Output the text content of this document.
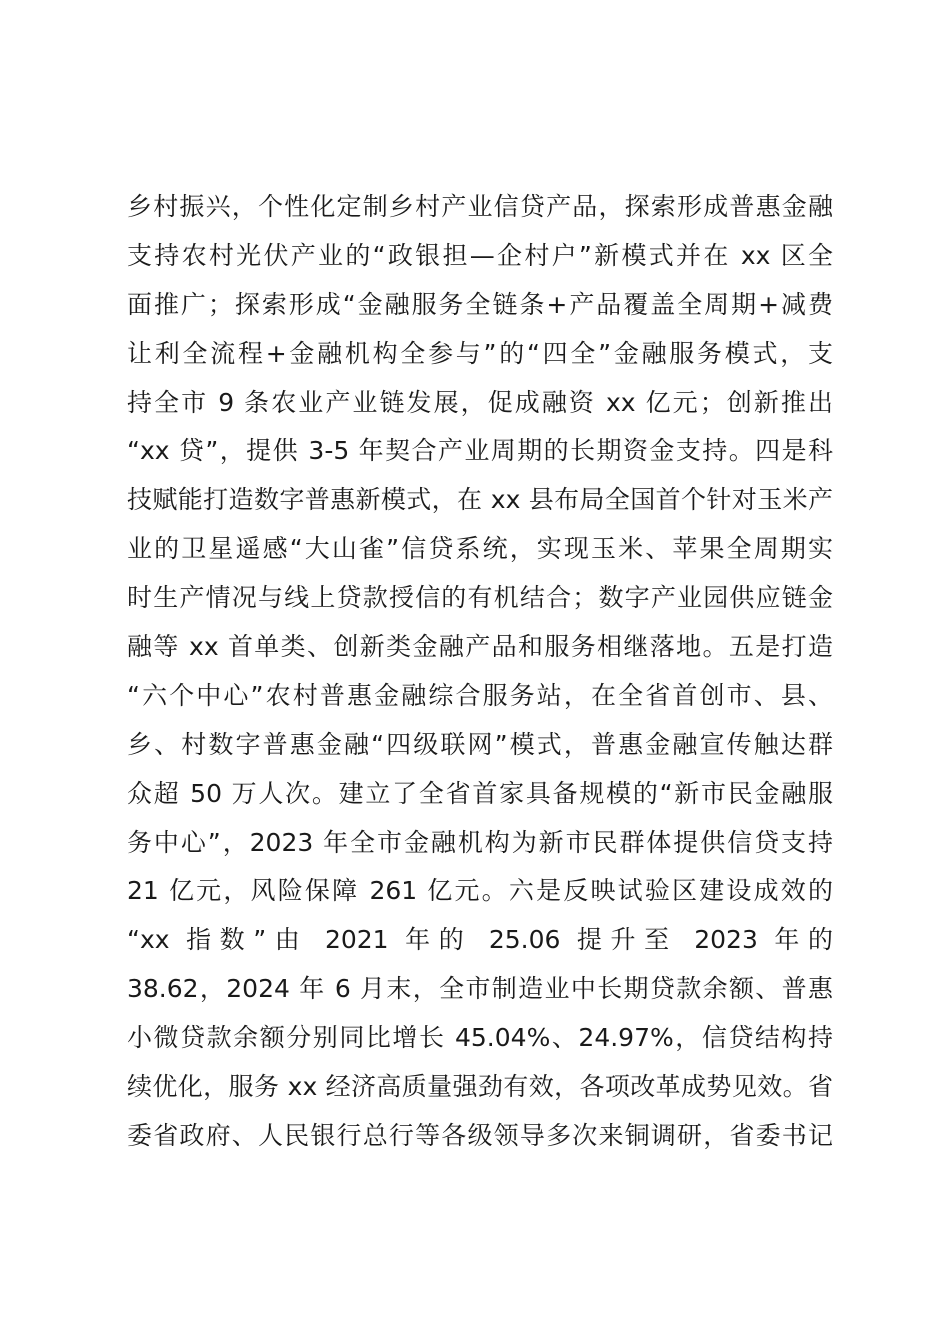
乡村振兴，个性化定制乡村产业信贷产品，探索形成普惠金融
支持农村光伏产业的“政银担—企村户”新模式并在 xx 区全
面推广；探索形成“金融服务全链条+产品覆盖全周期+减费
让利全流程+金融机构全参与”的“四全”金融服务模式，支
持全市 9 条农业产业链发展，促成融资 xx 亿元；创新推出
“xx 贷”，提供 3-5 年契合产业周期的长期资金支持。四是科
技赋能打造数字普惠新模式，在 xx 县布局全国首个针对玉米产
业的卫星遥感“大山雀”信贷系统，实现玉米、苹果全周期实
时生产情况与线上贷款授信的有机结合；数字产业园供应链金
融等 xx 首单类、创新类金融产品和服务相继落地。五是打造
“六个中心”农村普惠金融综合服务站，在全省首创市、县、
乡、村数字普惠金融“四级联网”模式，普惠金融宣传触达群
众超 50 万人次。建立了全省首家具备规模的“新市民金融服
务中心”，2023 年全市金融机构为新市民群体提供信贷支持
21 亿元，风险保障 261 亿元。六是反映试验区建设成效的
“xx 指数”由 2021 年的 25.06 提升至 2023 年的
38.62，2024 年 6 月末，全市制造业中长期贷款余额、普惠
小微贷款余额分别同比增长 45.04%、24.97%，信贷结构持
续优化，服务 xx 经济高质量强劲有效，各项改革成势见效。省
委省政府、人民银行总行等各级领导多次来铜调研，省委书记
